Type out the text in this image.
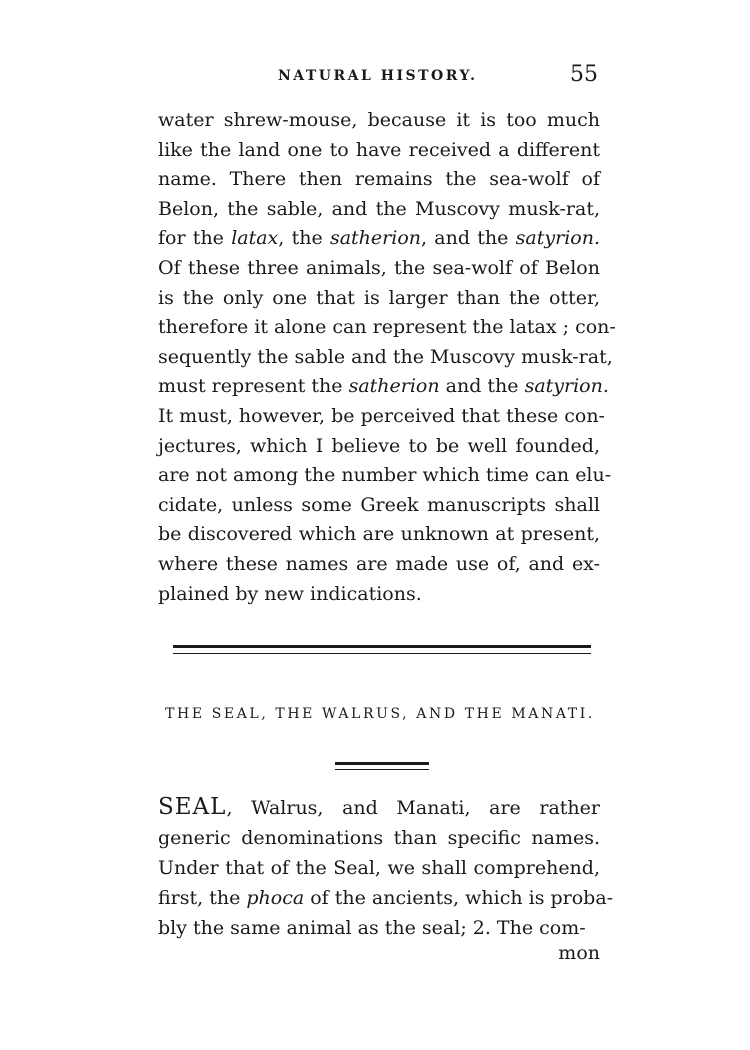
NATURAL HISTORY.	55
water shrew-mouse, because it is too much
like the land one to have received a different
name. There then remains the sea-wolf of
Belon, the sable, and the Muscovy musk-rat,
for the latax, the satherion, and the satyrion.
Of these three animals, the sea-wolf of Belon
is the only one that is larger than the otter,
therefore it alone can represent the latax ; con-
sequently the sable and the Muscovy musk-rat,
must represent the satherion and the satyrion.
It must, however, be perceived that these con-
jectures, which I believe to be well founded,
are not among the number which time can elu-
cidate, unless some Greek manuscripts shall
be discovered which are unknown at present,
where these names are made use of, and ex-
plained by new indications.
THE SEAL, THE WALRUS, AND THE MANATI.
SEAL, Walrus, and Manati, are rather
generic denominations than specific names.
Under that of the Seal, we shall comprehend,
first, the phoca of the ancients, which is proba-
bly the same animal as the seal; 2. The com-
mon
